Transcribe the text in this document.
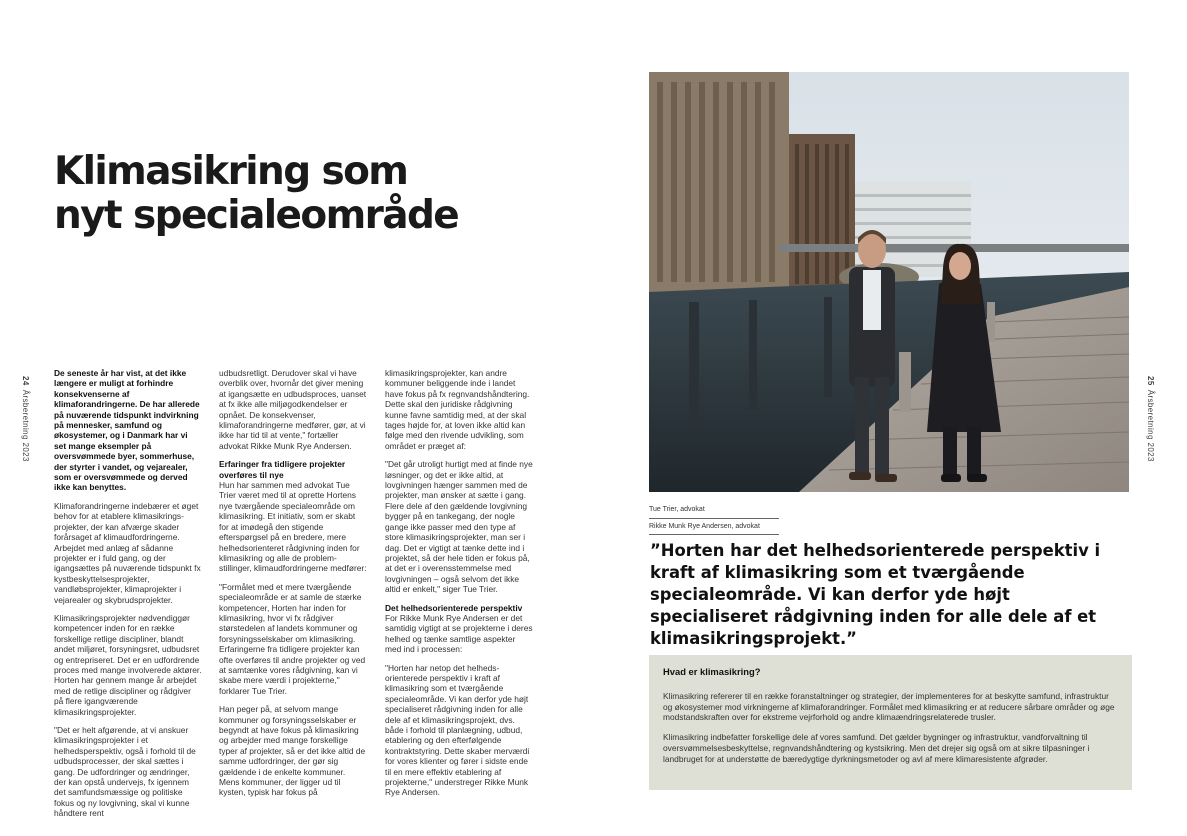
24Årsberetning 2023
Klimasikring som
nyt specialeområde

De seneste år har vist, at det ikke længere er muligt at forhindre konsekvenserne af klimaforandringerne. De har allerede på nuværende tidspunkt indvirkning på mennesker, samfund og økosystemer, og i Danmark har vi set mange eksempler på oversvømmede byer, sommerhuse, der styrter i vandet, og vejarealer, som er oversvømmede og derved ikke kan benyttes.

Klimaforandringerne indebærer et øget behov for at etablere klimasikrings-projekter, der kan afværge skader forårsaget af klimaudfordringerne. Arbejdet med anlæg af sådanne projekter er i fuld gang, og der igangsættes på nuværende tidspunkt fx kystbeskyttelsesprojekter, vandløbsprojekter, klimaprojekter i vejarealer og skybrudsprojekter.

Klimasikringsprojekter nødvendiggør kompetencer inden for en række forskellige retlige discipliner, blandt andet miljøret, forsyningsret, udbudsret og entrepriseret. Det er en udfordrende proces med mange involverede aktører. Horten har gennem mange år arbejdet med de retlige discipliner og rådgiver på flere igangværende klimasikringsprojekter.

"Det er helt afgørende, at vi anskuer klimasikringsprojekter i et helhedsperspektiv, også i forhold til de udbudsprocesser, der skal sættes i gang. De udfordringer og ændringer, der kan opstå undervejs, fx igennem det samfundsmæssige og politiske fokus og ny lovgivning, skal vi kunne håndtere rent

udbudsretligt. Derudover skal vi have overblik over, hvornår det giver mening at igangsætte en udbudsproces, uanset at fx ikke alle miljøgodkendelser er opnået. De konsekvenser, klimaforandringerne medfører, gør, at vi ikke har tid til at vente," fortæller advokat Rikke Munk Rye Andersen.

Erfaringer fra tidligere projekter overføres til nye

Hun har sammen med advokat Tue Trier været med til at oprette Hortens nye tværgående specialeområde om klimasikring. Et initiativ, som er skabt for at imødegå den stigende efterspørgsel på en bredere, mere helhedsorienteret rådgivning inden for klimasikring og alle de problem-stillinger, klimaudfordringerne medfører:

"Formålet med et mere tværgående specialeområde er at samle de stærke kompetencer, Horten har inden for klimasikring, hvor vi fx rådgiver størstedelen af landets kommuner og forsyningsselskaber om klimasikring. Erfaringerne fra tidligere projekter kan ofte overføres til andre projekter og ved at samtænke vores rådgivning, kan vi skabe mere værdi i projekterne," forklarer Tue Trier.

Han peger på, at selvom mange kommuner og forsyningsselskaber er begyndt at have fokus på klimasikring og arbejder med mange forskellige typer af projekter, så er det ikke altid de samme udfordringer, der gør sig gældende i de enkelte kommuner. Mens kommuner, der ligger ud til kysten, typisk har fokus på

klimasikringsprojekter, kan andre kommuner beliggende inde i landet have fokus på fx regnvandshåndtering. Dette skal den juridiske rådgivning kunne favne samtidig med, at der skal tages højde for, at loven ikke altid kan følge med den rivende udvikling, som området er præget af:

"Det går utroligt hurtigt med at finde nye løsninger, og det er ikke altid, at lovgivningen hænger sammen med de projekter, man ønsker at sætte i gang. Flere dele af den gældende lovgivning bygger på en tankegang, der nogle gange ikke passer med den type af store klimasikringsprojekter, man ser i dag. Det er vigtigt at tænke dette ind i projektet, så der hele tiden er fokus på, at det er i overensstemmelse med lovgivningen – også selvom det ikke altid er enkelt," siger Tue Trier.

Det helhedsorienterede perspektiv

For Rikke Munk Rye Andersen er det samtidig vigtigt at se projekterne i deres helhed og tænke samtlige aspekter med ind i processen:

"Horten har netop det helheds-orienterede perspektiv i kraft af klimasikring som et tværgående specialeområde. Vi kan derfor yde højt specialiseret rådgivning inden for alle dele af et klimasikringsprojekt, dvs. både i forhold til planlægning, udbud, etablering og den efterfølgende kontraktstyring. Dette skaber merværdi for vores klienter og fører i sidste ende til en mere effektiv etablering af projekterne," understreger Rikke Munk Rye Andersen.

25Årsberetning 2023
Tue Trier, advokat
Rikke Munk Rye Andersen, advokat

”Horten har det helhedsorienterede perspektiv i kraft af klimasikring som et tværgående specialeområde. Vi kan derfor yde højt specialiseret rådgivning inden for alle dele af et klimasikringsprojekt.”

Hvad er klimasikring?

Klimasikring refererer til en række foranstaltninger og strategier, der implementeres for at beskytte samfund, infrastruktur og økosystemer mod virkningerne af klimaforandringer. Formålet med klimasikring er at reducere sårbare områder og øge modstandskraften over for ekstreme vejrforhold og andre klimaændringsrelaterede trusler.

Klimasikring indbefatter forskellige dele af vores samfund. Det gælder bygninger og infrastruktur, vandforvaltning til oversvømmelsesbeskyttelse, regnvandshåndtering og kystsikring. Men det drejer sig også om at sikre tilpasninger i landbruget for at understøtte de bæredygtige dyrkningsmetoder og avl af mere klimaresistente afgrøder.
